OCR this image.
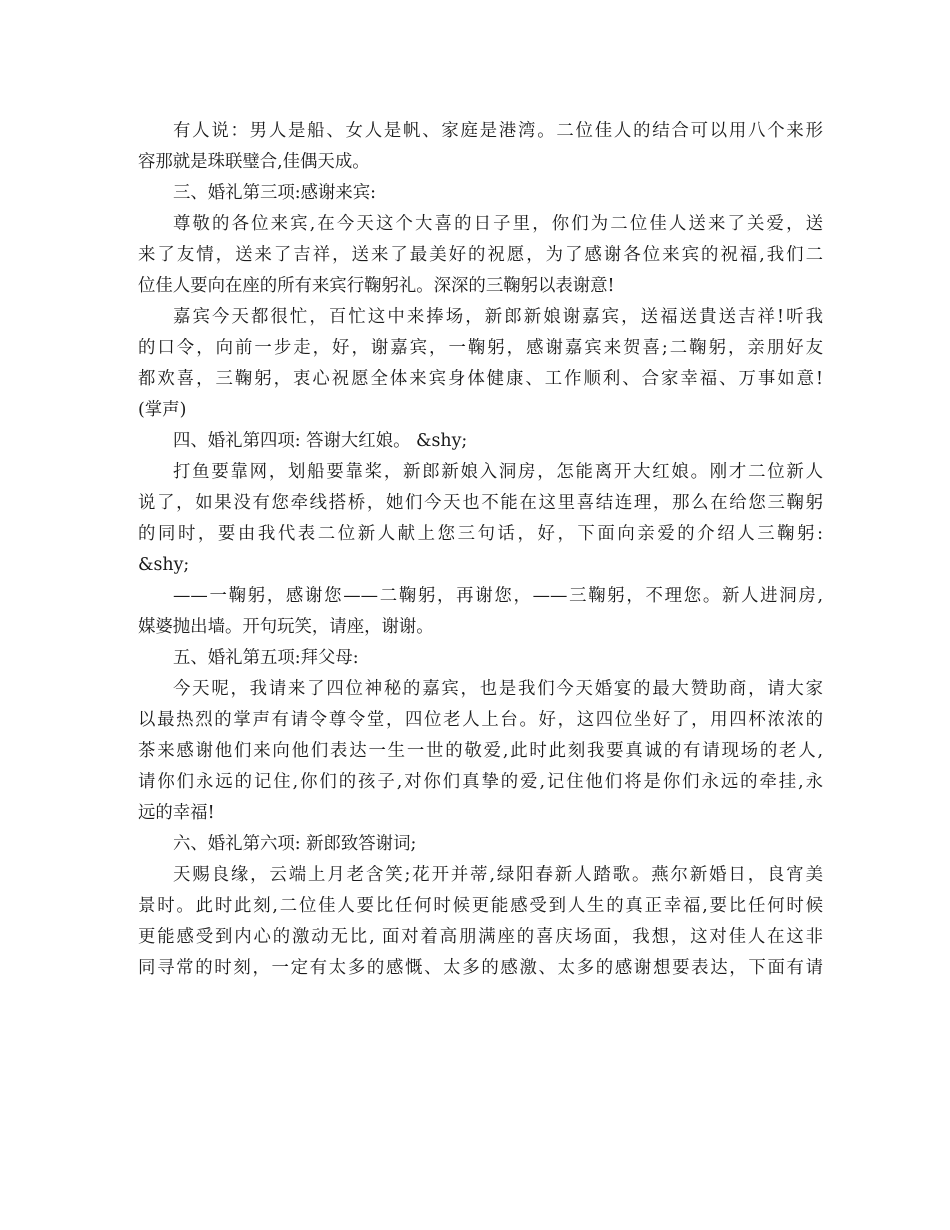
有人说：男人是船、女人是帆、家庭是港湾。二位佳人的结合可以用八个来形
容那就是珠联璧合,佳偶天成。
三、婚礼第三项:感谢来宾:
尊敬的各位来宾,在今天这个大喜的日子里，你们为二位佳人送来了关爱，送
来了友情，送来了吉祥，送来了最美好的祝愿，为了感谢各位来宾的祝福,我们二
位佳人要向在座的所有来宾行鞠躬礼。深深的三鞠躬以表谢意!
嘉宾今天都很忙，百忙这中来捧场，新郎新娘谢嘉宾，送福送貴送吉祥!听我
的口令，向前一步走，好，谢嘉宾，一鞠躬，感谢嘉宾来贺喜;二鞠躬，亲朋好友
都欢喜，三鞠躬，衷心祝愿全体来宾身体健康、工作顺利、合家幸福、万事如意!
(掌声)
四、婚礼第四项: 答谢大红娘。 &shy;
打鱼要靠网，划船要靠桨，新郎新娘入洞房，怎能离开大红娘。刚才二位新人
说了，如果没有您牵线搭桥，她们今天也不能在这里喜结连理，那么在给您三鞠躬
的同时，要由我代表二位新人献上您三句话，好，下面向亲爱的介绍人三鞠躬:
&shy;
——一鞠躬，感谢您——二鞠躬，再谢您，——三鞠躬，不理您。新人进洞房,
媒婆抛出墙。开句玩笑，请座，谢谢。
五、婚礼第五项:拜父母:
今天呢，我请来了四位神秘的嘉宾，也是我们今天婚宴的最大赞助商，请大家
以最热烈的掌声有请令尊令堂，四位老人上台。好，这四位坐好了，用四杯浓浓的
茶来感谢他们来向他们表达一生一世的敬爱,此时此刻我要真诚的有请现场的老人,
请你们永远的记住,你们的孩子,对你们真挚的爱,记住他们将是你们永远的牵挂,永
远的幸福!
六、婚礼第六项: 新郎致答谢词;
天赐良缘，云端上月老含笑;花开并蒂,绿阳春新人踏歌。燕尔新婚日，良宵美
景时。此时此刻,二位佳人要比任何时候更能感受到人生的真正幸福,要比任何时候
更能感受到内心的激动无比, 面对着高朋满座的喜庆场面，我想，这对佳人在这非
同寻常的时刻，一定有太多的感慨、太多的感激、太多的感谢想要表达，下面有请
